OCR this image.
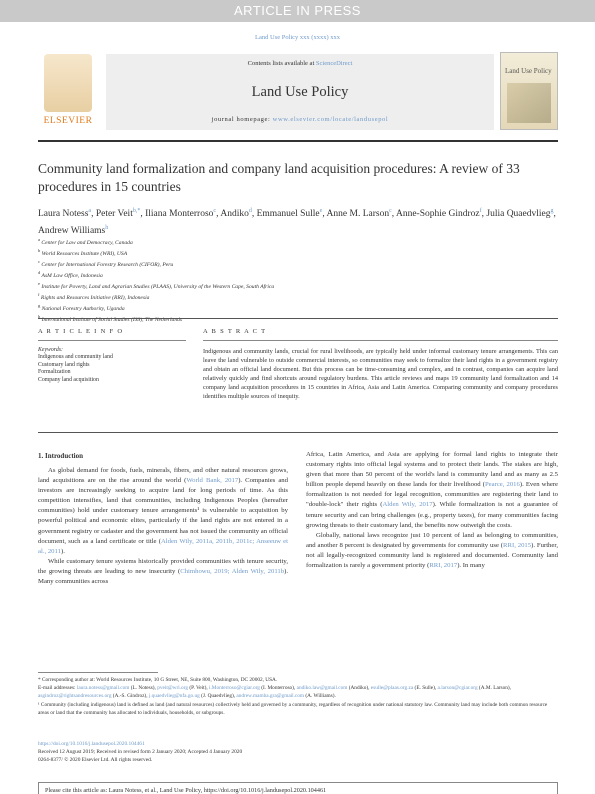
ARTICLE IN PRESS
Land Use Policy xxx (xxxx) xxx
ELSEVIER
Contents lists available at ScienceDirect
Land Use Policy
journal homepage: www.elsevier.com/locate/landusepol
Land Use Policy
Community land formalization and company land acquisition procedures: A review of 33 procedures in 15 countries
Laura Notess$^a$, Peter Veit$^{b,*}$, Iliana Monterroso$^c$, Andiko$^d$, Emmanuel Sulle$^e$, Anne M. Larson$^c$, Anne-Sophie Gindroz$^f$, Julia Quaedvlieg$^g$, Andrew Williams$^h$
$^a$ Center for Law and Democracy, Canada
$^b$ World Resources Institute (WRI), USA
$^c$ Center for International Forestry Research (CIFOR), Peru
$^d$ AsM Law Office, Indonesia
$^e$ Institute for Poverty, Land and Agrarian Studies (PLAAS), University of the Western Cape, South Africa
$^f$ Rights and Resources Initiative (RRI), Indonesia
$^g$ National Forestry Authority, Uganda
$^h$ International Institute of Social Studies (ISS), The Netherlands
A R T I C L E I N F O
Keywords:
Indigenous and community land
Customary land rights
Formalization
Company land acquisition
A B S T R A C T
Indigenous and community lands, crucial for rural livelihoods, are typically held under informal customary tenure arrangements. This can leave the land vulnerable to outside commercial interests, so communities may seek to formalize their land rights in a government registry and obtain an official land document. But this process can be time-consuming and complex, and in contrast, companies can acquire land relatively quickly and find shortcuts around regulatory burdens. This article reviews and maps 19 community land formalization and 14 company land acquisition procedures in 15 countries in Africa, Asia and Latin America. Comparing community and company procedures identifies multiple sources of inequity.
1. Introduction
As global demand for foods, fuels, minerals, fibers, and other natural resources grows, land acquisitions are on the rise around the world (World Bank, 2017). Companies and investors are increasingly seeking to acquire land for long periods of time. As this competition intensifies, land that communities, including Indigenous Peoples (hereafter communities) hold under customary tenure arrangements¹ is vulnerable to acquisition by powerful political and economic elites, particularly if the land rights are not entered in a government registry or cadaster and the government has not issued the community an official document, such as a land certificate or title (Alden Wily, 2011a, 2011b, 2011c; Anseeuw et al., 2011).
While customary tenure systems historically provided communities with tenure security, the growing threats are leading to new insecurity (Chimhowu, 2019; Alden Wily, 2011b). Many communities across
Africa, Latin America, and Asia are applying for formal land rights to integrate their customary rights into official legal systems and to protect their lands. The stakes are high, given that more than 50 percent of the world's land is community land and as many as 2.5 billion people depend heavily on these lands for their livelihood (Pearce, 2016). Even where formalization is not needed for legal recognition, communities are registering their land to "double-lock" their rights (Alden Wily, 2017). While formalization is not a guarantee of tenure security and can bring challenges (e.g., property taxes), for many communities facing growing threats to their customary land, the benefits now outweigh the costs.
Globally, national laws recognize just 10 percent of land as belonging to communities, and another 8 percent is designated by governments for community use (RRI, 2015). Further, not all legally-recognized community land is registered and documented. Community land formalization is rarely a government priority (RRI, 2017). In many
* Corresponding author at: World Resources Institute, 10 G Street, NE, Suite 800, Washington, DC 20002, USA.
E-mail addresses: laura.notess@gmail.com (L. Notess), pveit@wri.org (P. Veit), i.Monterroso@cgiar.org (I. Monterroso), andiko.law@gmail.com (Andiko), esulle@plaas.org.za (E. Sulle), a.larson@cgiar.org (A.M. Larson), asgindroz@rightsandresources.org (A.-S. Gindroz), j.quaedvlieg@nfa.go.ug (J. Quaedvlieg), andrew.mamba.gra@gmail.com (A. Williams).
¹ Community (including indigenous) land is defined as land (and natural resources) collectively held and governed by a community, regardless of recognition under national statutory law. Community land may include both common resource areas or land that the community has allocated to individuals, households, or subgroups.
https://doi.org/10.1016/j.landusepol.2020.104461
Received 12 August 2019; Received in revised form 2 January 2020; Accepted 4 January 2020
0264-8377/ © 2020 Elsevier Ltd. All rights reserved.
Please cite this article as: Laura Notess, et al., Land Use Policy, https://doi.org/10.1016/j.landusepol.2020.104461
